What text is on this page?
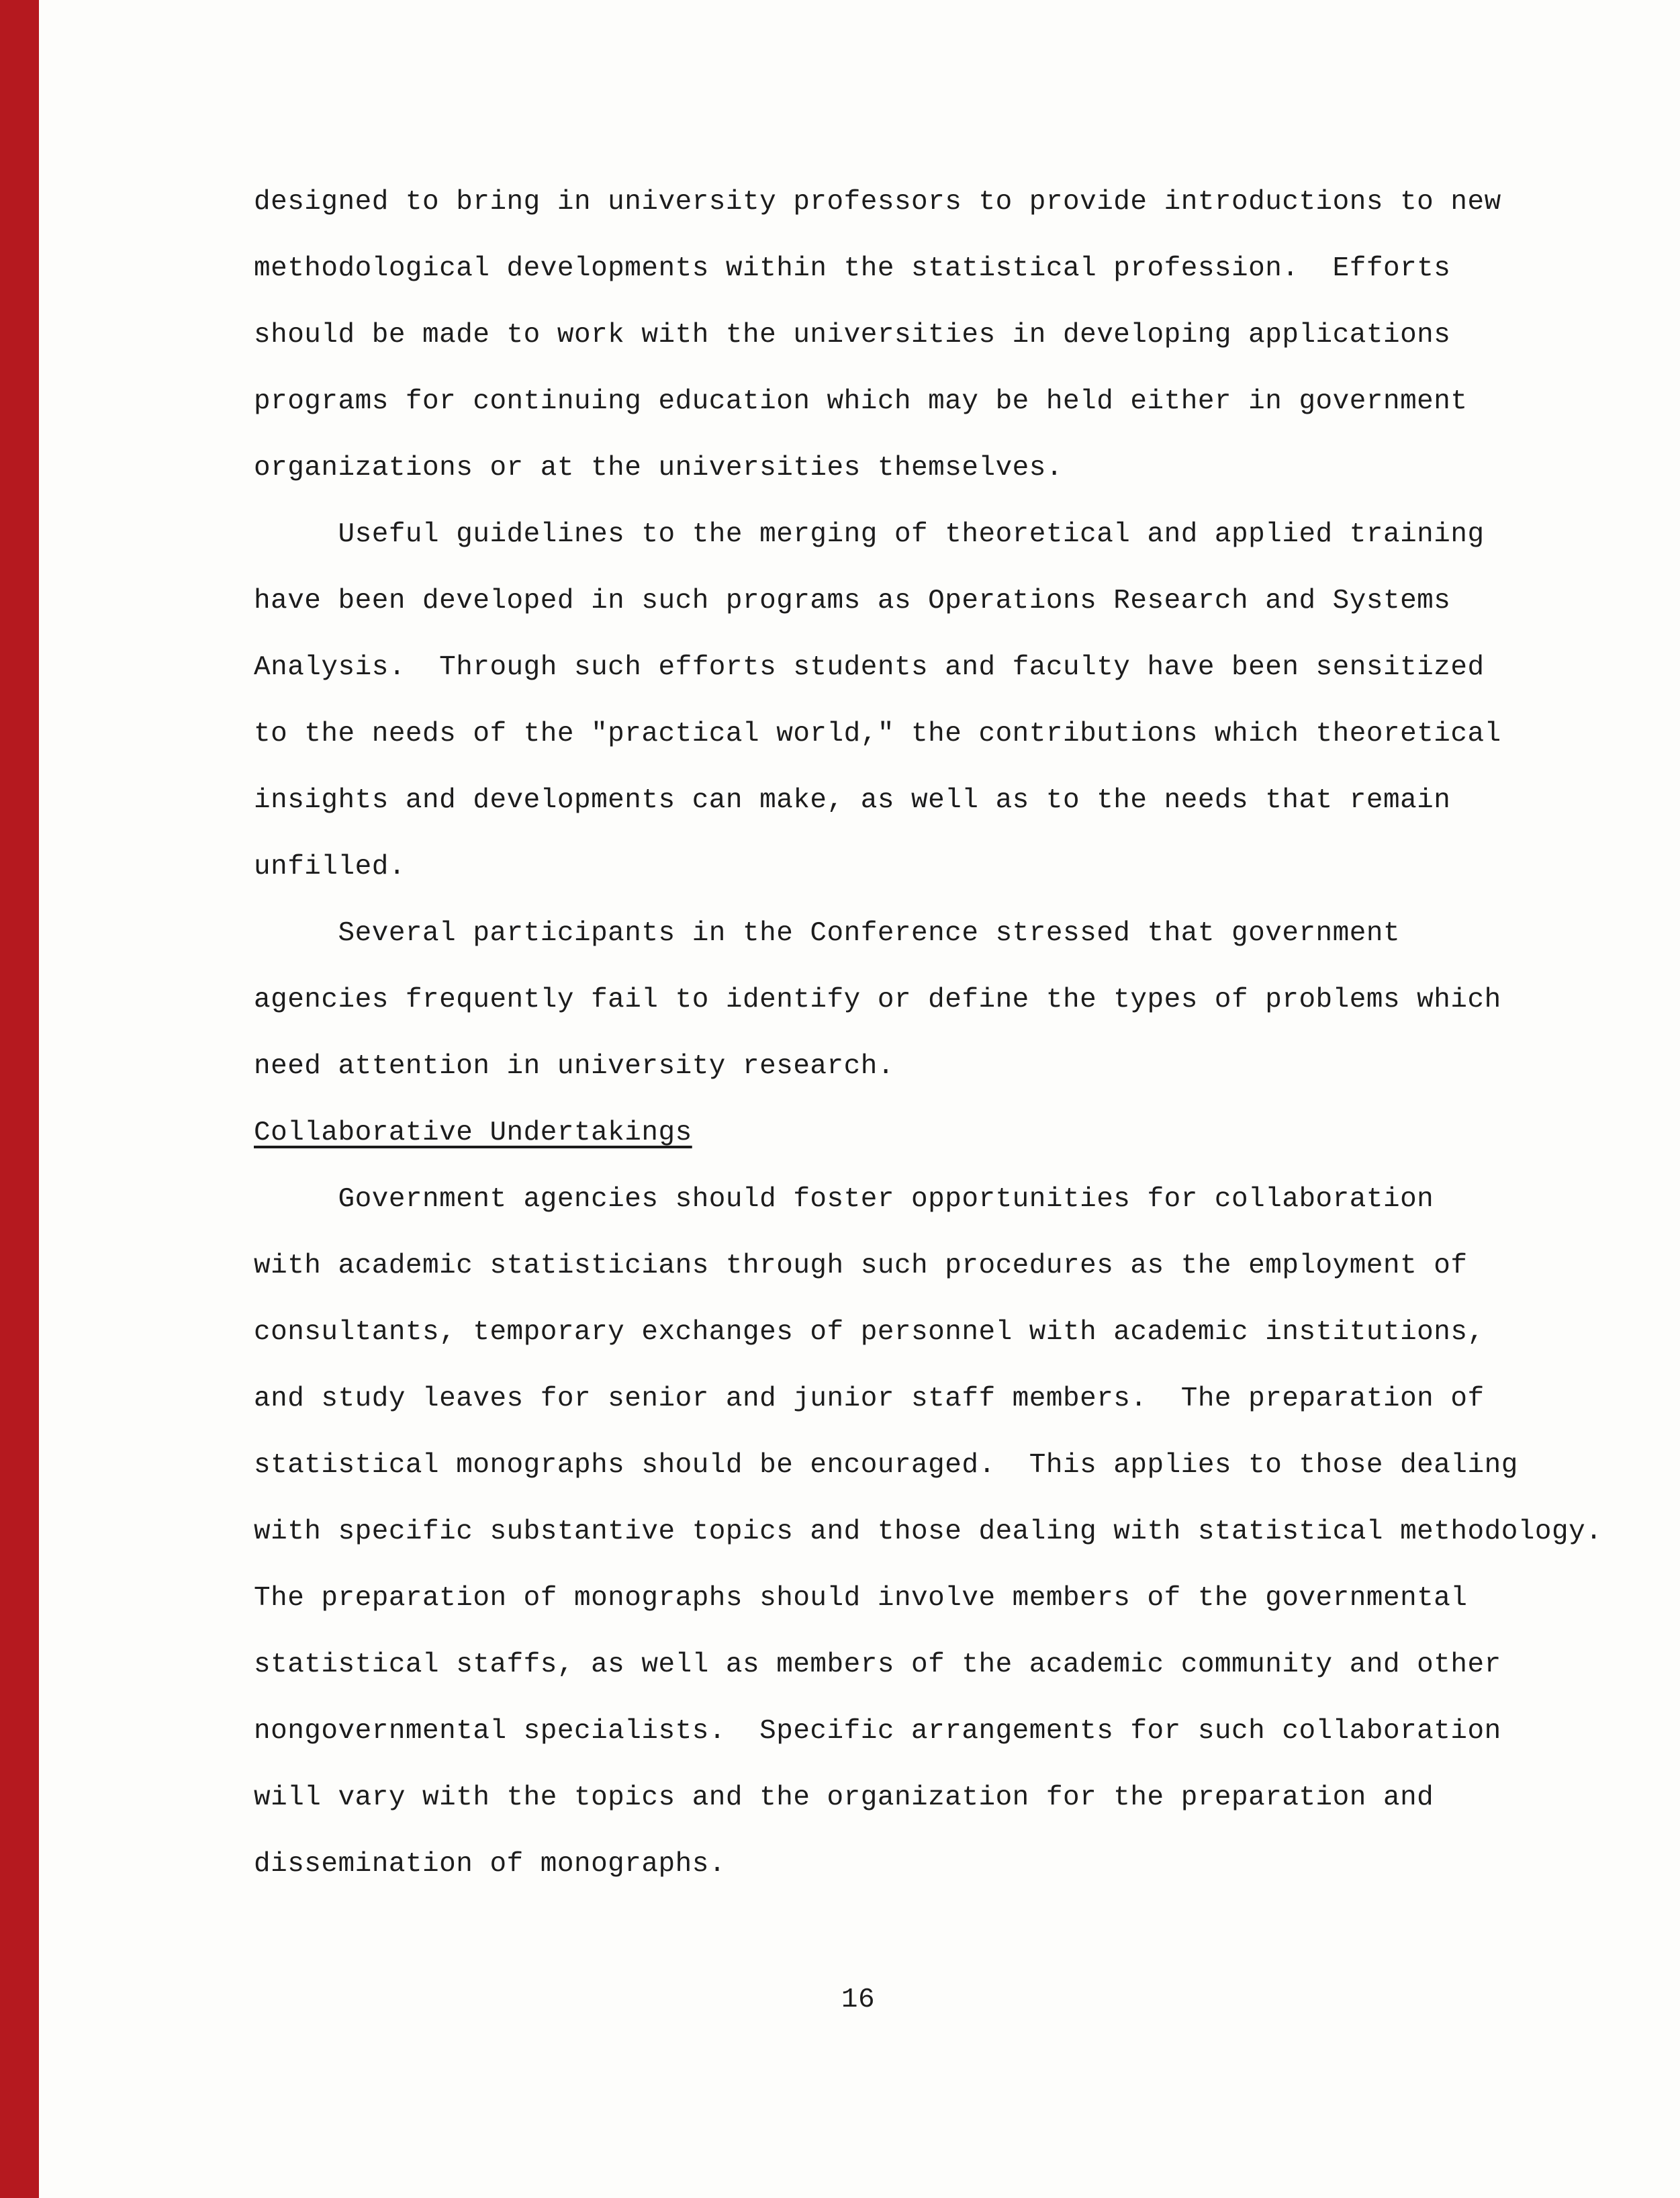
designed to bring in university professors to provide introductions to new
methodological developments within the statistical profession.  Efforts
should be made to work with the universities in developing applications
programs for continuing education which may be held either in government
organizations or at the universities themselves.
Useful guidelines to the merging of theoretical and applied training
have been developed in such programs as Operations Research and Systems
Analysis.  Through such efforts students and faculty have been sensitized
to the needs of the "practical world," the contributions which theoretical
insights and developments can make, as well as to the needs that remain
unfilled.
Several participants in the Conference stressed that government
agencies frequently fail to identify or define the types of problems which
need attention in university research.
Collaborative Undertakings
Government agencies should foster opportunities for collaboration
with academic statisticians through such procedures as the employment of
consultants, temporary exchanges of personnel with academic institutions,
and study leaves for senior and junior staff members.  The preparation of
statistical monographs should be encouraged.  This applies to those dealing
with specific substantive topics and those dealing with statistical methodology.
The preparation of monographs should involve members of the governmental
statistical staffs, as well as members of the academic community and other
nongovernmental specialists.  Specific arrangements for such collaboration
will vary with the topics and the organization for the preparation and
dissemination of monographs.
16
